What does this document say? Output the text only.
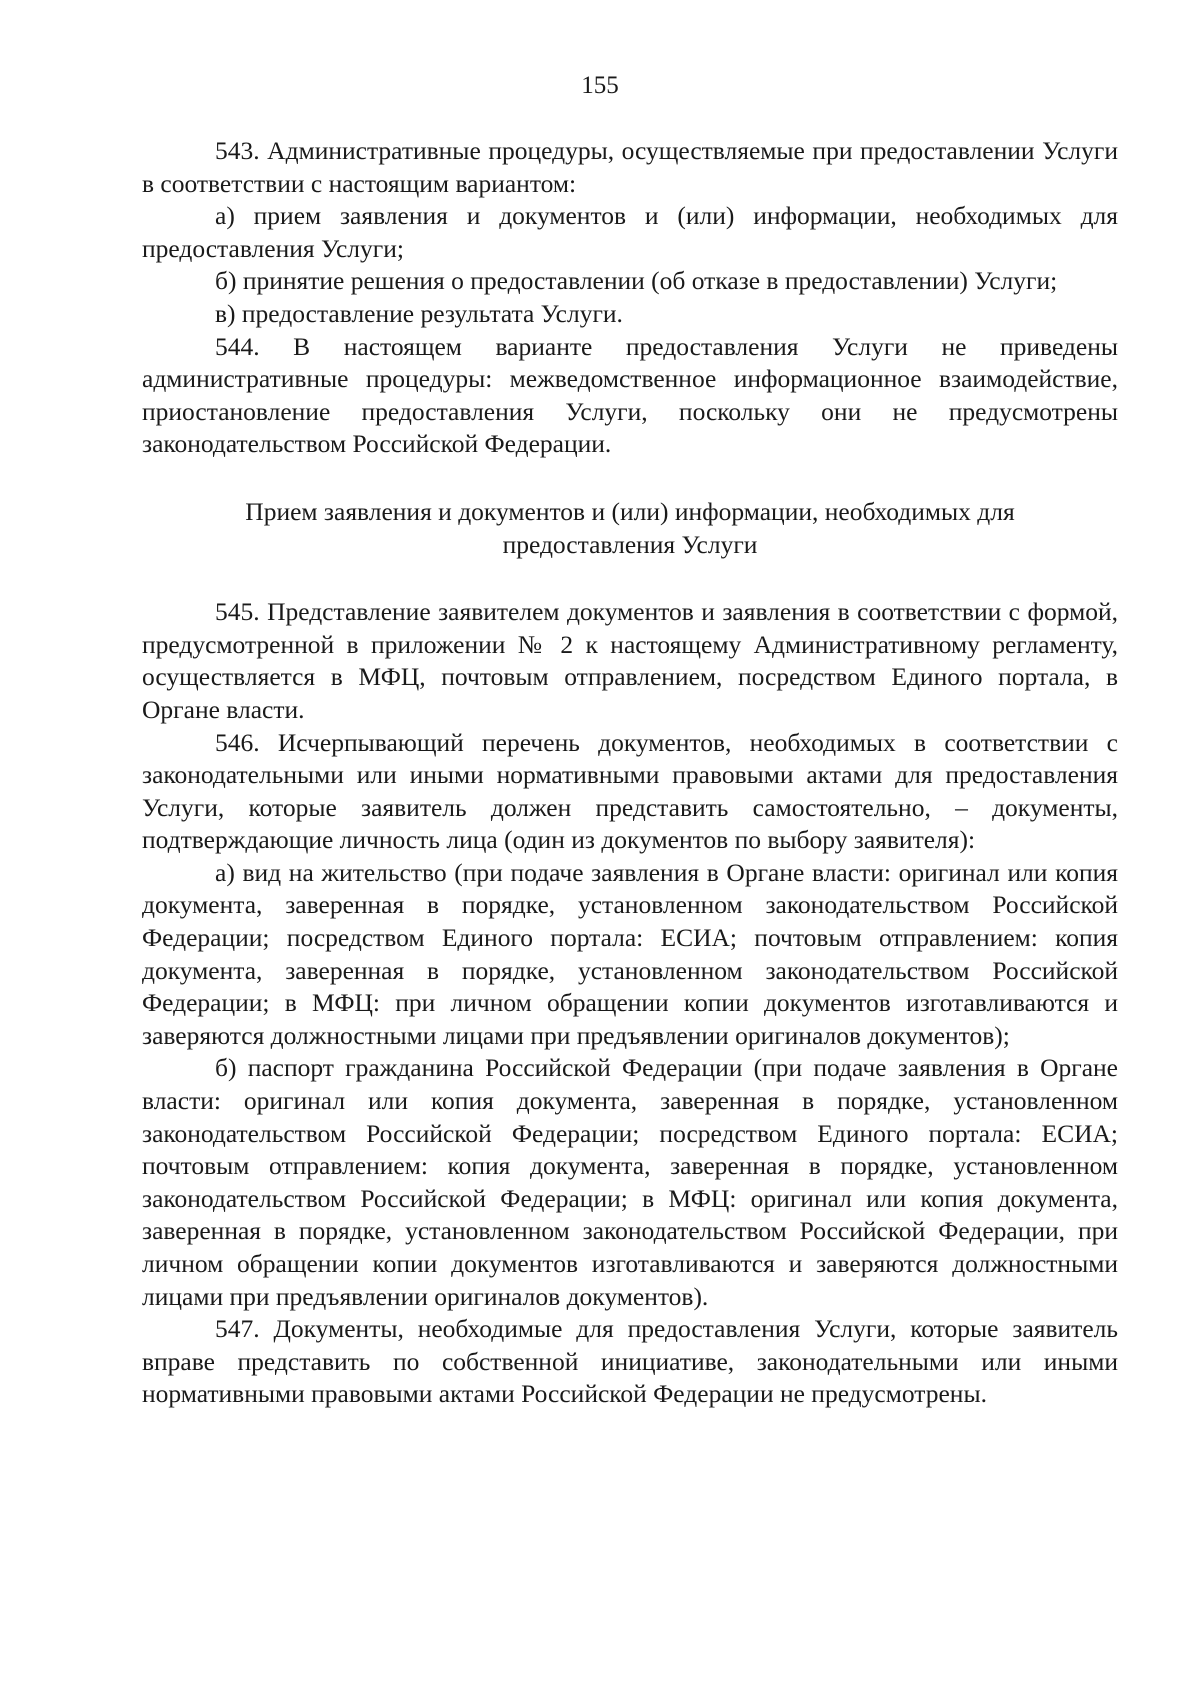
155

543. Административные процедуры, осуществляемые при предоставлении Услуги в соответствии с настоящим вариантом:

а) прием заявления и документов и (или) информации, необходимых для предоставления Услуги;

б) принятие решения о предоставлении (об отказе в предоставлении) Услуги;

в) предоставление результата Услуги.

544. В настоящем варианте предоставления Услуги не приведены административные процедуры: межведомственное информационное взаимодействие, приостановление предоставления Услуги, поскольку они не предусмотрены законодательством Российской Федерации.

Прием заявления и документов и (или) информации, необходимых для предоставления Услуги

545. Представление заявителем документов и заявления в соответствии с формой, предусмотренной в приложении № 2 к настоящему Административному регламенту, осуществляется в МФЦ, почтовым отправлением, посредством Единого портала, в Органе власти.

546. Исчерпывающий перечень документов, необходимых в соответствии с законодательными или иными нормативными правовыми актами для предоставления Услуги, которые заявитель должен представить самостоятельно, – документы, подтверждающие личность лица (один из документов по выбору заявителя):

а) вид на жительство (при подаче заявления в Органе власти: оригинал или копия документа, заверенная в порядке, установленном законодательством Российской Федерации; посредством Единого портала: ЕСИА; почтовым отправлением: копия документа, заверенная в порядке, установленном законодательством Российской Федерации; в МФЦ: при личном обращении копии документов изготавливаются и заверяются должностными лицами при предъявлении оригиналов документов);

б) паспорт гражданина Российской Федерации (при подаче заявления в Органе власти: оригинал или копия документа, заверенная в порядке, установленном законодательством Российской Федерации; посредством Единого портала: ЕСИА; почтовым отправлением: копия документа, заверенная в порядке, установленном законодательством Российской Федерации; в МФЦ: оригинал или копия документа, заверенная в порядке, установленном законодательством Российской Федерации, при личном обращении копии документов изготавливаются и заверяются должностными лицами при предъявлении оригиналов документов).

547. Документы, необходимые для предоставления Услуги, которые заявитель вправе представить по собственной инициативе, законодательными или иными нормативными правовыми актами Российской Федерации не предусмотрены.
